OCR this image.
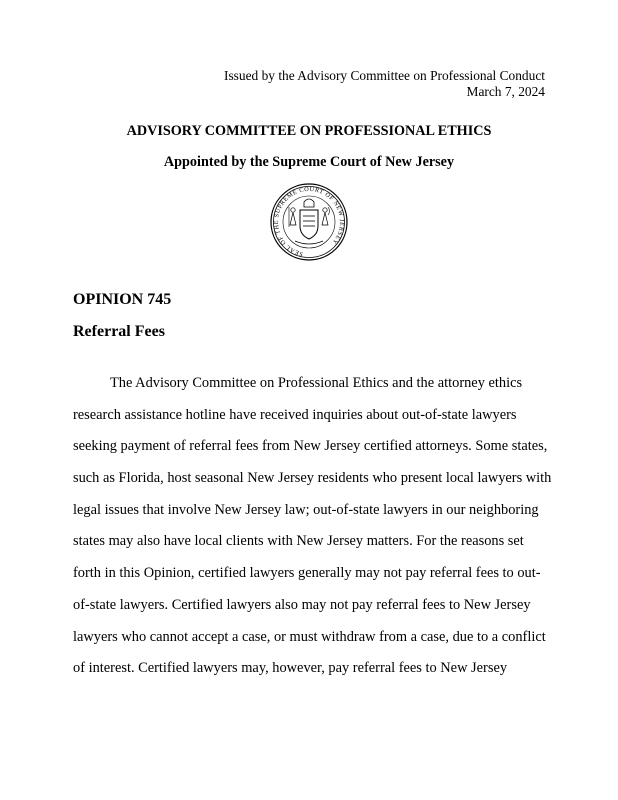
Issued by the Advisory Committee on Professional Conduct
March 7, 2024
ADVISORY COMMITTEE ON PROFESSIONAL ETHICS
Appointed by the Supreme Court of New Jersey
SEAL OF THE SUPREME COURT OF NEW JERSEY
OPINION 745
Referral Fees
The Advisory Committee on Professional Ethics and the attorney ethics
research assistance hotline have received inquiries about out-of-state lawyers
seeking payment of referral fees from New Jersey certified attorneys. Some states,
such as Florida, host seasonal New Jersey residents who present local lawyers with
legal issues that involve New Jersey law; out-of-state lawyers in our neighboring
states may also have local clients with New Jersey matters. For the reasons set
forth in this Opinion, certified lawyers generally may not pay referral fees to out-
of-state lawyers. Certified lawyers also may not pay referral fees to New Jersey
lawyers who cannot accept a case, or must withdraw from a case, due to a conflict
of interest. Certified lawyers may, however, pay referral fees to New Jersey
